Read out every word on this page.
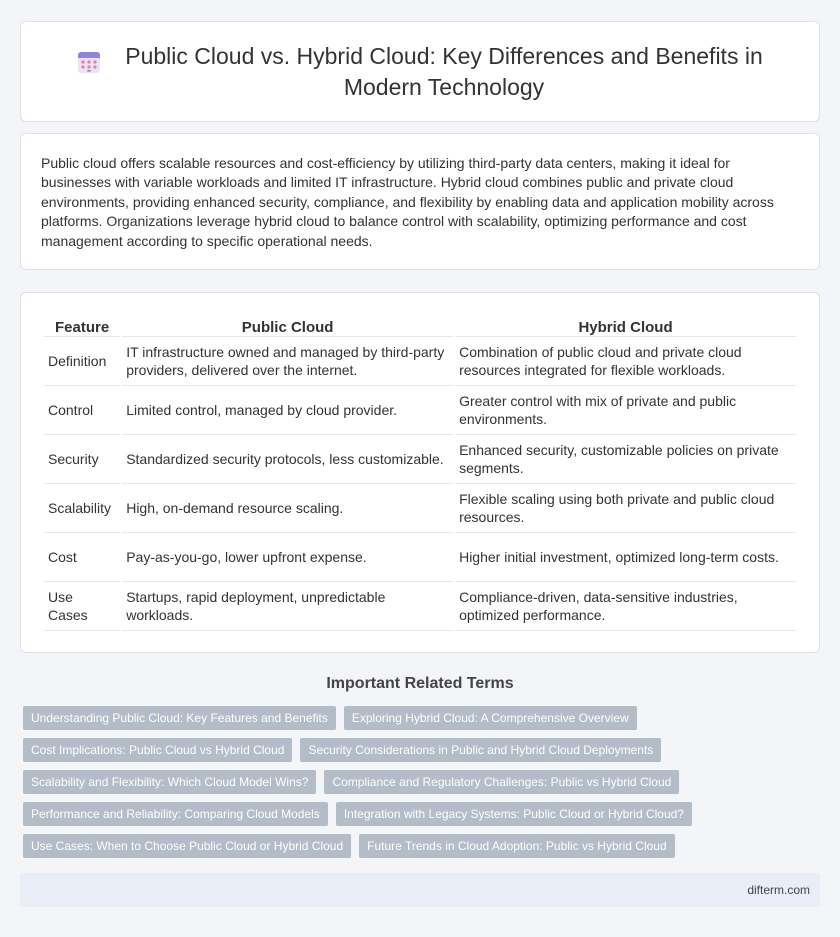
Public Cloud vs. Hybrid Cloud: Key Differences and Benefits in Modern Technology

Public cloud offers scalable resources and cost-efficiency by utilizing third-party data centers, making it ideal for businesses with variable workloads and limited IT infrastructure. Hybrid cloud combines public and private cloud environments, providing enhanced security, compliance, and flexibility by enabling data and application mobility across platforms. Organizations leverage hybrid cloud to balance control with scalability, optimizing performance and cost management according to specific operational needs.

Feature	Public Cloud	Hybrid Cloud
Definition	IT infrastructure owned and managed by third-party providers, delivered over the internet.	Combination of public cloud and private cloud resources integrated for flexible workloads.
Control	Limited control, managed by cloud provider.	Greater control with mix of private and public environments.
Security	Standardized security protocols, less customizable.	Enhanced security, customizable policies on private segments.
Scalability	High, on-demand resource scaling.	Flexible scaling using both private and public cloud resources.
Cost	Pay-as-you-go, lower upfront expense.	Higher initial investment, optimized long-term costs.
Use Cases	Startups, rapid deployment, unpredictable workloads.	Compliance-driven, data-sensitive industries, optimized performance.
Important Related Terms
Understanding Public Cloud: Key Features and Benefits	Exploring Hybrid Cloud: A Comprehensive Overview
Cost Implications: Public Cloud vs Hybrid Cloud	Security Considerations in Public and Hybrid Cloud Deployments
Scalability and Flexibility: Which Cloud Model Wins?	Compliance and Regulatory Challenges: Public vs Hybrid Cloud
Performance and Reliability: Comparing Cloud Models	Integration with Legacy Systems: Public Cloud or Hybrid Cloud?
Use Cases: When to Choose Public Cloud or Hybrid Cloud	Future Trends in Cloud Adoption: Public vs Hybrid Cloud
difterm.com
